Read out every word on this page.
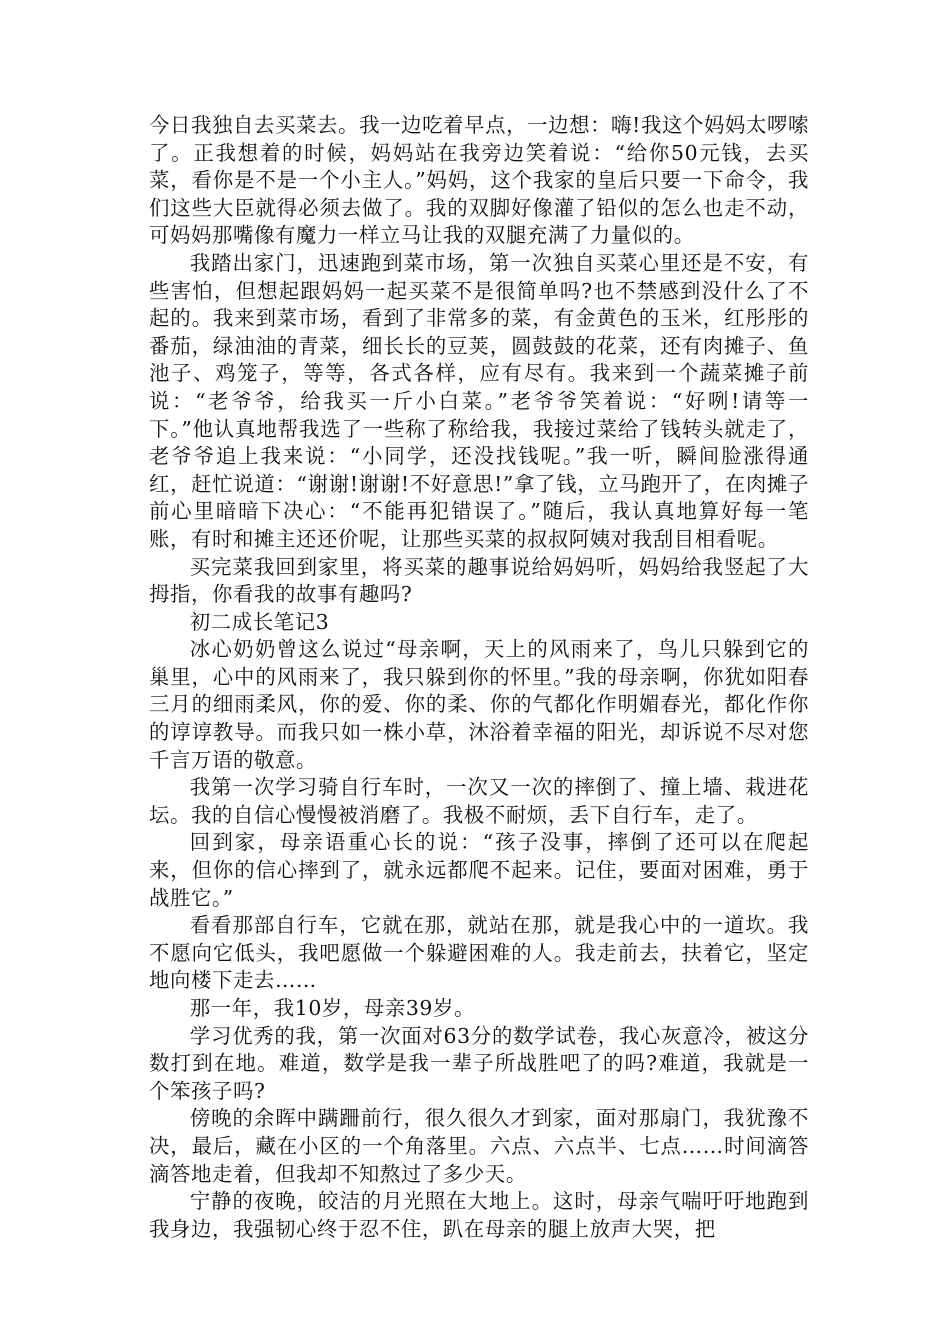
今日我独自去买菜去。我一边吃着早点，一边想：嗨!我这个妈妈太啰嗦了。正我想着的时候，妈妈站在我旁边笑着说：“给你50元钱，去买菜，看你是不是一个小主人。”妈妈，这个我家的皇后只要一下命令，我们这些大臣就得必须去做了。我的双脚好像灌了铅似的怎么也走不动，可妈妈那嘴像有魔力一样立马让我的双腿充满了力量似的。

我踏出家门，迅速跑到菜市场，第一次独自买菜心里还是不安，有些害怕，但想起跟妈妈一起买菜不是很简单吗?也不禁感到没什么了不起的。我来到菜市场，看到了非常多的菜，有金黄色的玉米，红彤彤的番茄，绿油油的青菜，细长长的豆荚，圆鼓鼓的花菜，还有肉摊子、鱼池子、鸡笼子，等等，各式各样，应有尽有。我来到一个蔬菜摊子前说：“老爷爷，给我买一斤小白菜。”老爷爷笑着说：“好咧!请等一下。”他认真地帮我选了一些称了称给我，我接过菜给了钱转头就走了，老爷爷追上我来说：“小同学，还没找钱呢。”我一听，瞬间脸涨得通红，赶忙说道：“谢谢!谢谢!不好意思!”拿了钱，立马跑开了，在肉摊子前心里暗暗下决心：“不能再犯错误了。”随后，我认真地算好每一笔账，有时和摊主还还价呢，让那些买菜的叔叔阿姨对我刮目相看呢。

买完菜我回到家里，将买菜的趣事说给妈妈听，妈妈给我竖起了大拇指，你看我的故事有趣吗?

初二成长笔记3

冰心奶奶曾这么说过“母亲啊，天上的风雨来了，鸟儿只躲到它的巢里，心中的风雨来了，我只躲到你的怀里。”我的母亲啊，你犹如阳春三月的细雨柔风，你的爱、你的柔、你的气都化作明媚春光，都化作你的谆谆教导。而我只如一株小草，沐浴着幸福的阳光，却诉说不尽对您千言万语的敬意。

我第一次学习骑自行车时，一次又一次的摔倒了、撞上墙、栽进花坛。我的自信心慢慢被消磨了。我极不耐烦，丢下自行车，走了。

回到家，母亲语重心长的说：“孩子没事，摔倒了还可以在爬起来，但你的信心摔到了，就永远都爬不起来。记住，要面对困难，勇于战胜它。”

看看那部自行车，它就在那，就站在那，就是我心中的一道坎。我不愿向它低头，我吧愿做一个躲避困难的人。我走前去，扶着它，坚定地向楼下走去……

那一年，我10岁，母亲39岁。

学习优秀的我，第一次面对63分的数学试卷，我心灰意冷，被这分数打到在地。难道，数学是我一辈子所战胜吧了的吗?难道，我就是一个笨孩子吗?

傍晚的余晖中蹒跚前行，很久很久才到家，面对那扇门，我犹豫不决，最后，藏在小区的一个角落里。六点、六点半、七点……时间滴答滴答地走着，但我却不知熬过了多少天。

宁静的夜晚，皎洁的月光照在大地上。这时，母亲气喘吁吁地跑到我身边，我强韧心终于忍不住，趴在母亲的腿上放声大哭，把
